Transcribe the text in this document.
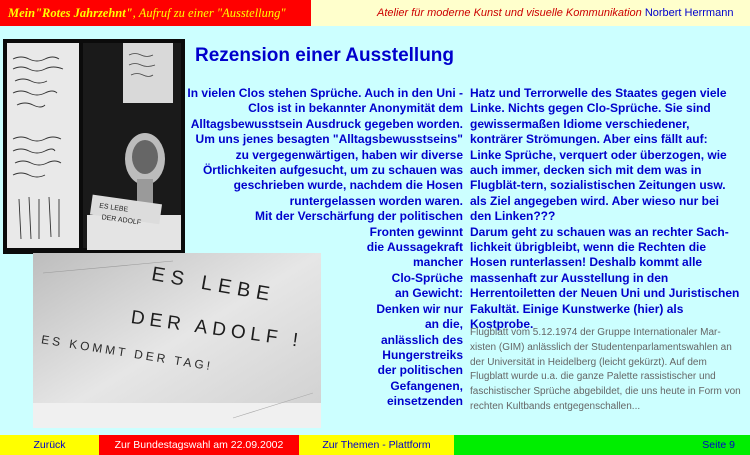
Mein"Rotes Jahrzehnt", Aufruf zu einer "Ausstellung"	Atelier für moderne Kunst und visuelle Kommunikation Norbert Herrmann
ES LEBE
DER ADOLF
ES LEBE
DER ADOLF !
ES KOMMT DER TAG!
Rezension einer Ausstellung

In vielen Clos stehen Sprüche. Auch in den Uni - Clos ist in bekannter Anonymität dem Alltagsbewusstsein Ausdruck gegeben worden. Um uns jenes besagten "Alltagsbewusstseins" zu vergegenwärtigen, haben wir diverse Örtlichkeiten aufgesucht, um zu schauen was geschrieben wurde, nachdem die Hosen runtergelassen worden waren.

Mit der Verschärfung der politischen
Fronten gewinnt
die Aussagekraft
mancher
Clo-Sprüche
an Gewicht:
Denken wir nur
an die,
anlässlich des
Hungerstreiks
der politischen
Gefangenen,
einsetzenden

Hatz und Terrorwelle des Staates gegen viele Linke. Nichts gegen Clo-Sprüche. Sie sind gewissermaßen Idiome verschiedener, konträrer Strömungen. Aber eins fällt auf: Linke Sprüche, verquert oder überzogen, wie auch immer, decken sich mit dem was in Flugblät-tern, sozialistischen Zeitungen usw. als Ziel angegeben wird. Aber wieso nur bei den Linken???

Darum geht zu schauen was an rechter Sach-lichkeit übrigbleibt, wenn die Rechten die Hosen runterlassen! Deshalb kommt alle massenhaft zur Ausstellung in den Herrentoiletten der Neuen Uni und Juristischen Fakultät. Einige Kunstwerke (hier) als Kostprobe.

Flugblatt vom 5.12.1974 der Gruppe Internationaler Mar-xisten (GIM) anlässlich der Studentenparlamentswahlen an der Universität in Heidelberg (leicht gekürzt). Auf dem Flugblatt wurde u.a. die ganze Palette rassistischer und faschistischer Sprüche abgebildet, die uns heute in Form von rechten Kultbands entgegenschallen...
Zurück	Zur Bundestagswahl am 22.09.2002	Zur Themen - Plattform	Seite 9
